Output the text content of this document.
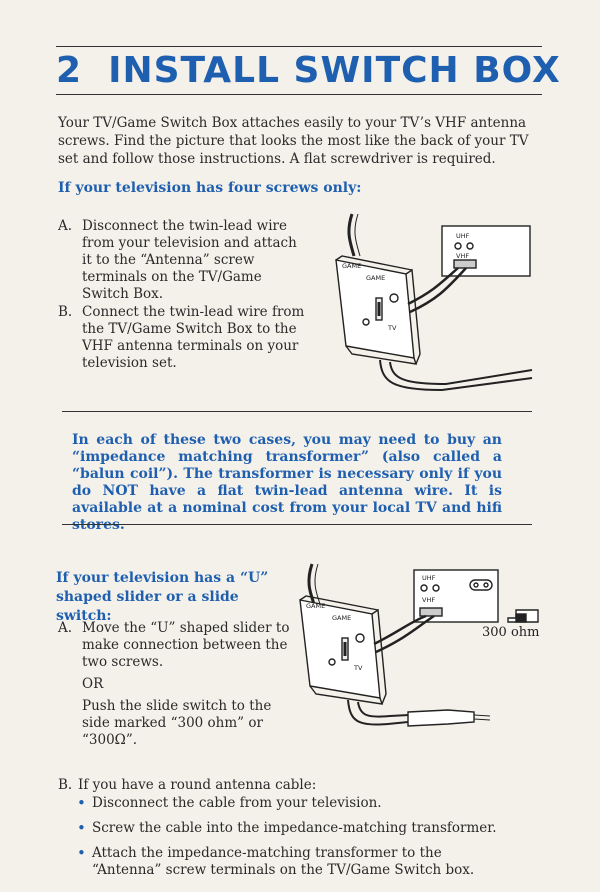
2 INSTALL SWITCH BOX
Your TV/Game Switch Box attaches easily to your TV’s VHF antenna screws. Find the picture that looks the most like the back of your TV set and follow those instructions. A flat screwdriver is required.
If your television has four screws only:
A. Disconnect the twin-lead wire from your television and attach it to the “Antenna” screw terminals on the TV/Game Switch Box.
B. Connect the twin-lead wire from the TV/Game Switch Box to the VHF antenna terminals on your television set.
GAME
GAME
TV
UHF
VHF
In each of these two cases, you may need to buy an “impedance matching transformer” (also called a “balun coil”). The transformer is necessary only if you do NOT have a flat twin-lead antenna wire. It is available at a nominal cost from your local TV and hifi stores.
If your television has a “U” shaped slider or a slide switch:
A. Move the “U” shaped slider to make connection between the two screws.
OR
Push the slide switch to the side marked “300 ohm” or “300Ω”.
GAME
GAME
TV
UHF
VHF
300 ohm
B. If you have a round antenna cable:
• Disconnect the cable from your television.
• Screw the cable into the impedance-matching transformer.
• Attach the impedance-matching transformer to the “Antenna” screw terminals on the TV/Game Switch box.
